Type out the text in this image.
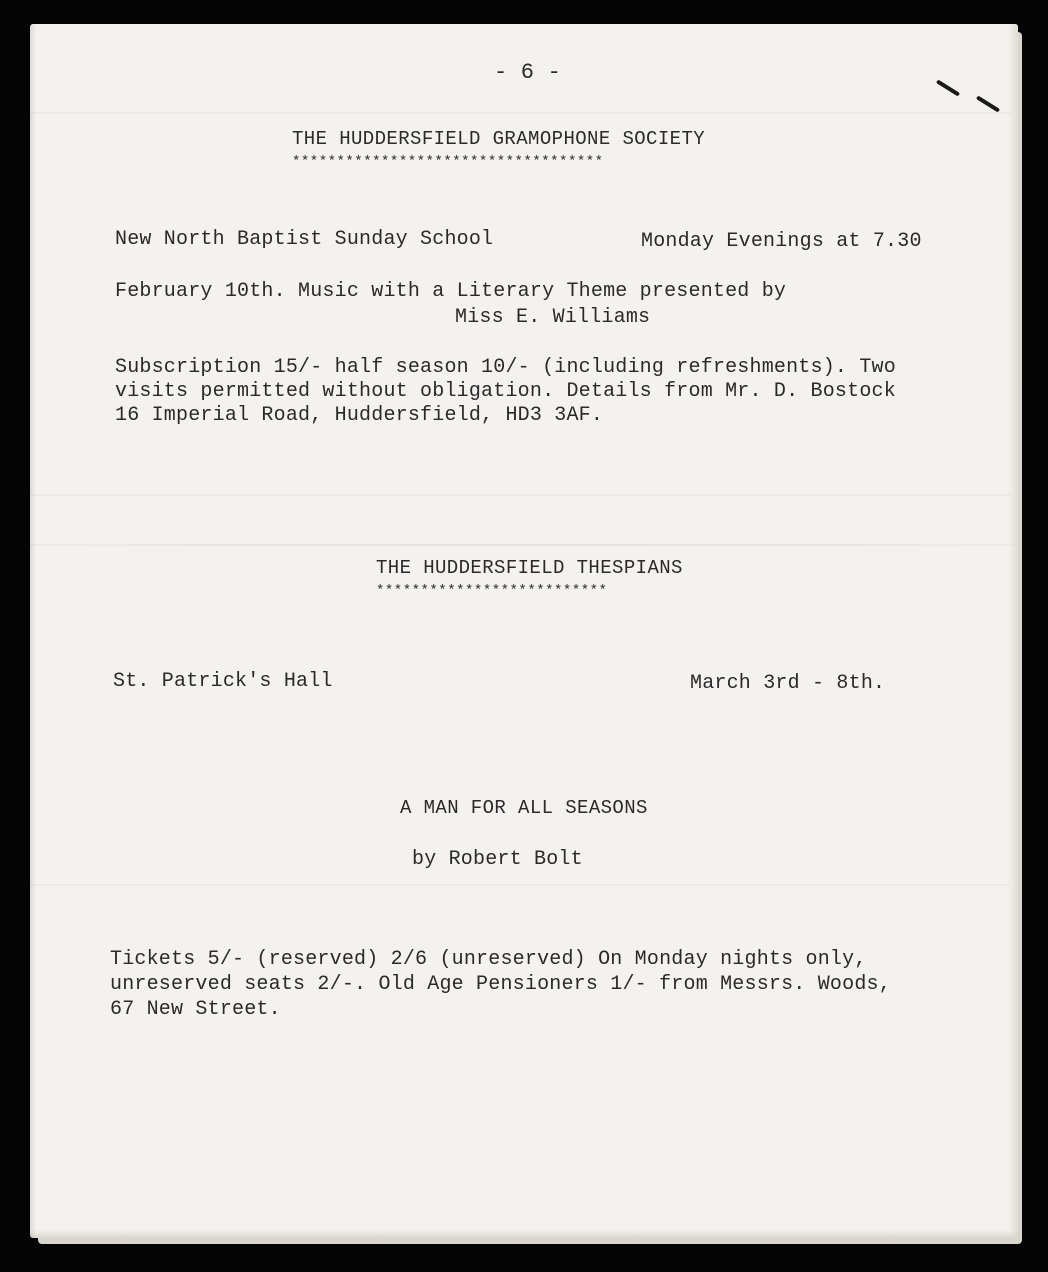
- 6 -
THE HUDDERSFIELD GRAMOPHONE SOCIETY
***********************************
New North Baptist Sunday School	Monday Evenings at 7.30
February 10th. Music with a Literary Theme presented by
Miss E. Williams
Subscription 15/- half season 10/- (including refreshments). Two
visits permitted without obligation. Details from Mr. D. Bostock
16 Imperial Road, Huddersfield, HD3 3AF.
THE HUDDERSFIELD THESPIANS
**************************
St. Patrick's Hall	March 3rd - 8th.
A MAN FOR ALL SEASONS
by Robert Bolt
Tickets 5/- (reserved) 2/6 (unreserved) On Monday nights only,
unreserved seats 2/-. Old Age Pensioners 1/- from Messrs. Woods,
67 New Street.
